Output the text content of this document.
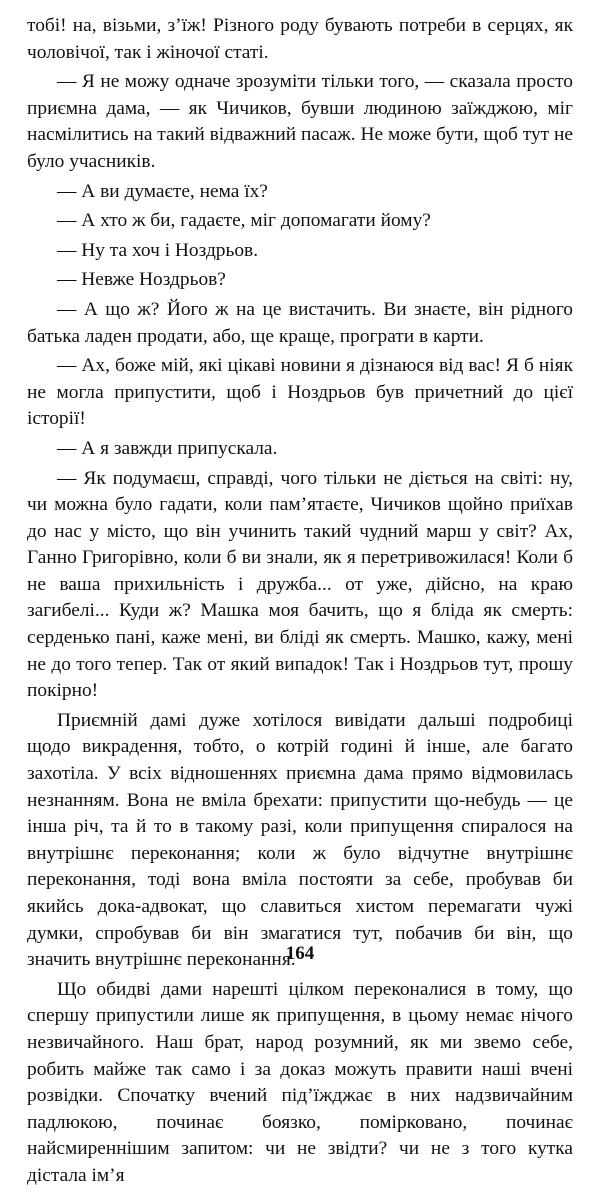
тобі! на, візьми, з’їж! Різного роду бувають потреби в серцях, як чоловічої, так і жіночої статі.

— Я не можу одначе зрозуміти тільки того, — сказала просто приємна дама, — як Чичиков, бувши людиною заїжджою, міг насмілитись на такий відважний пасаж. Не може бути, щоб тут не було учасників.

— А ви думаєте, нема їх?

— А хто ж би, гадаєте, міг допомагати йому?

— Ну та хоч і Ноздрьов.

— Невже Ноздрьов?

— А що ж? Його ж на це вистачить. Ви знаєте, він рідного батька ладен продати, або, ще краще, програти в карти.

— Ах, боже мій, які цікаві новини я дізнаюся від вас! Я б ніяк не могла припустити, щоб і Ноздрьов був причетний до цієї історії!

— А я завжди припускала.

— Як подумаєш, справді, чого тільки не діється на світі: ну, чи можна було гадати, коли пам’ятаєте, Чичиков щойно приїхав до нас у місто, що він учинить такий чудний марш у світ? Ах, Ганно Григорівно, коли б ви знали, як я перетривожилася! Коли б не ваша прихильність і дружба... от уже, дійсно, на краю загибелі... Куди ж? Машка моя бачить, що я бліда як смерть: серденько пані, каже мені, ви блідi як смерть. Машко, кажу, мені не до того тепер. Так от який випадок! Так і Ноздрьов тут, прошу покірно!

Приємній дамі дуже хотілося вивідати дальші подробиці щодо викрадення, тобто, о котрій годині й інше, але багато захотіла. У всіх відношеннях приємна дама прямо відмовилась незнанням. Вона не вміла брехати: припустити що-небудь — це інша річ, та й то в такому разі, коли припущення спиралося на внутрішнє переконання; коли ж було відчутне внутрішнє переконання, тоді вона вміла постояти за себе, пробував би якийсь дока-адвокат, що славиться хистом перемагати чужі думки, спробував би він змагатися тут, побачив би він, що значить внутрішнє переконання.

Що обидві дами нарешті цілком переконалися в тому, що спершу припустили лише як припущення, в цьому немає нічого незвичайного. Наш брат, народ розумний, як ми звемо себе, робить майже так само і за доказ можуть правити наші вчені розвідки. Спочатку вчений під’їжджає в них надзвичайним падлюкою, починає боязко, помірковано, починає найсмиреннішим запитом: чи не звідти? чи не з того кутка дістала ім’я

164
